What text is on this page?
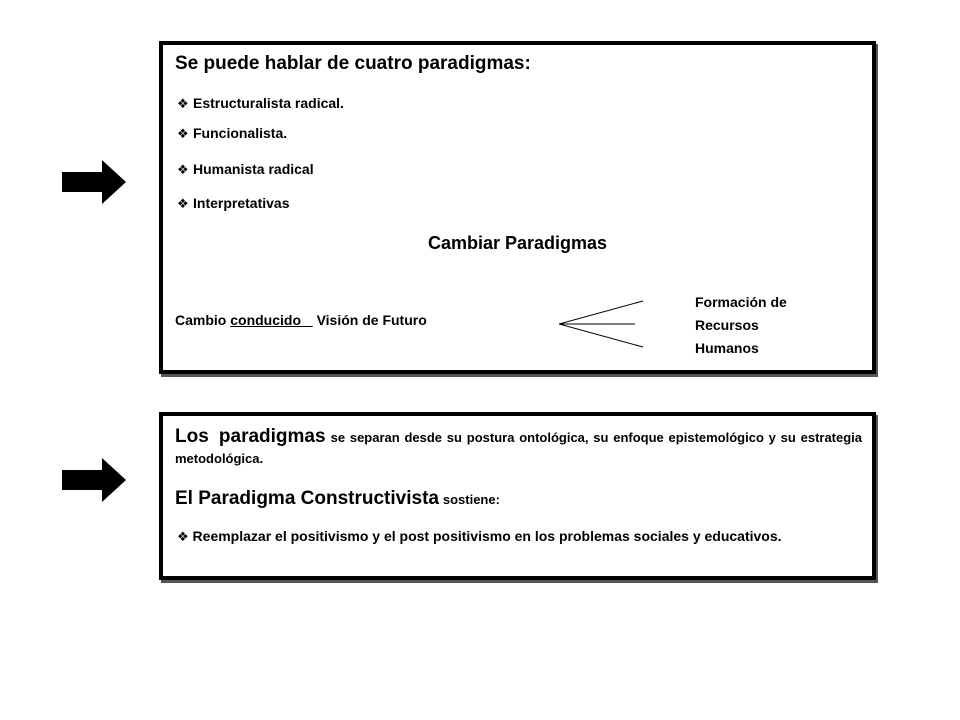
Se puede hablar de cuatro paradigmas:
❖ Estructuralista radical.
❖ Funcionalista.
❖ Humanista radical
❖ Interpretativas
Cambiar Paradigmas
Cambio conducido    Visión de Futuro
Formación de
Recursos
Humanos
Los paradigmas se separan desde su postura ontológica, su enfoque epistemológico y su estrategia metodológica.
El Paradigma Constructivista sostiene:
❖ Reemplazar el positivismo y el post positivismo en los problemas sociales y educativos.
